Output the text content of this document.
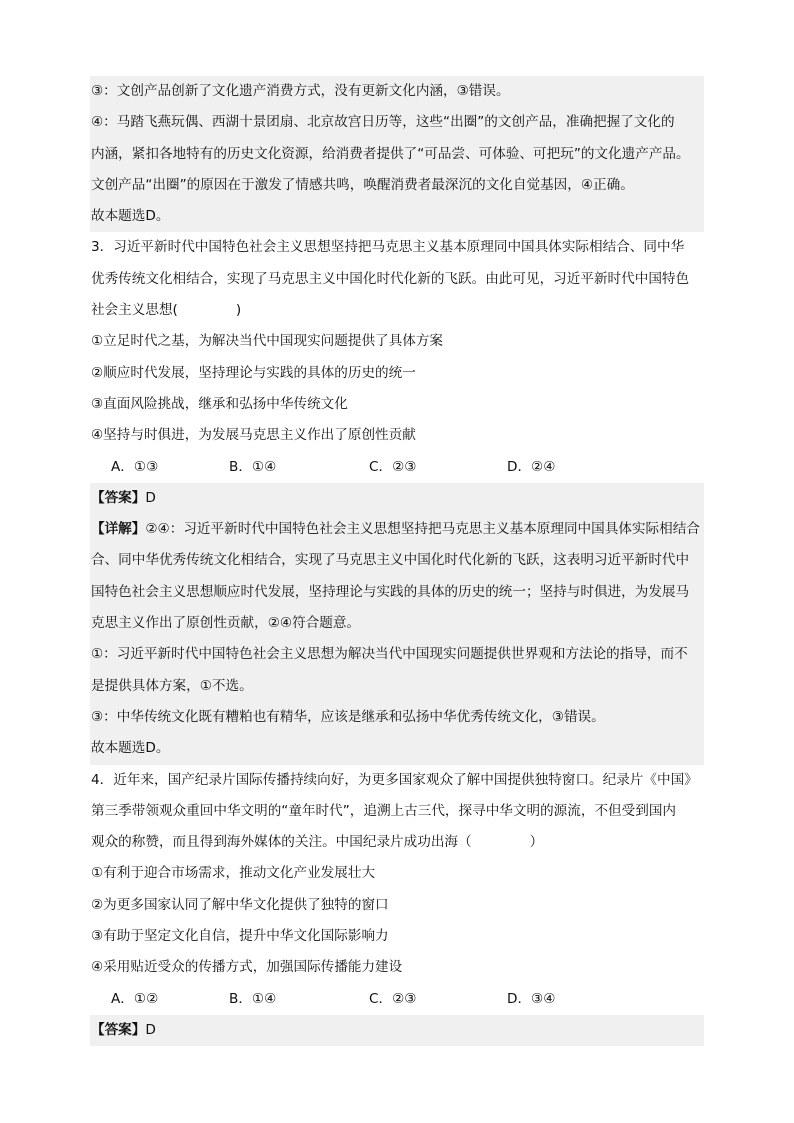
③：文创产品创新了文化遗产消费方式，没有更新文化内涵，③错误。
④：马踏飞燕玩偶、西湖十景团扇、北京故宫日历等，这些“出圈”的文创产品，准确把握了文化的
内涵，紧扣各地特有的历史文化资源，给消费者提供了“可品尝、可体验、可把玩”的文化遗产产品。
文创产品“出圈”的原因在于激发了情感共鸣，唤醒消费者最深沉的文化自觉基因，④正确。
故本题选D。
3．习近平新时代中国特色社会主义思想坚持把马克思主义基本原理同中国具体实际相结合、同中华
优秀传统文化相结合，实现了马克思主义中国化时代化新的飞跃。由此可见，习近平新时代中国特色
社会主义思想(	)
①立足时代之基，为解决当代中国现实问题提供了具体方案
②顺应时代发展，坚持理论与实践的具体的历史的统一
③直面风险挑战，继承和弘扬中华传统文化
④坚持与时俱进，为发展马克思主义作出了原创性贡献
A．①③	B．①④	C．②③	D．②④
【答案】D
【详解】②④：习近平新时代中国特色社会主义思想坚持把马克思主义基本原理同中国具体实际相结合
合、同中华优秀传统文化相结合，实现了马克思主义中国化时代化新的飞跃，这表明习近平新时代中
国特色社会主义思想顺应时代发展，坚持理论与实践的具体的历史的统一；坚持与时俱进，为发展马
克思主义作出了原创性贡献，②④符合题意。
①：习近平新时代中国特色社会主义思想为解决当代中国现实问题提供世界观和方法论的指导，而不
是提供具体方案，①不选。
③：中华传统文化既有糟粕也有精华，应该是继承和弘扬中华优秀传统文化，③错误。
故本题选D。
4．近年来，国产纪录片国际传播持续向好，为更多国家观众了解中国提供独特窗口。纪录片《中国》
第三季带领观众重回中华文明的“童年时代”，追溯上古三代，探寻中华文明的源流，不但受到国内
观众的称赞，而且得到海外媒体的关注。中国纪录片成功出海（	）
①有利于迎合市场需求，推动文化产业发展壮大
②为更多国家认同了解中华文化提供了独特的窗口
③有助于坚定文化自信，提升中华文化国际影响力
④采用贴近受众的传播方式，加强国际传播能力建设
A．①②	B．①④	C．②③	D．③④
【答案】D
